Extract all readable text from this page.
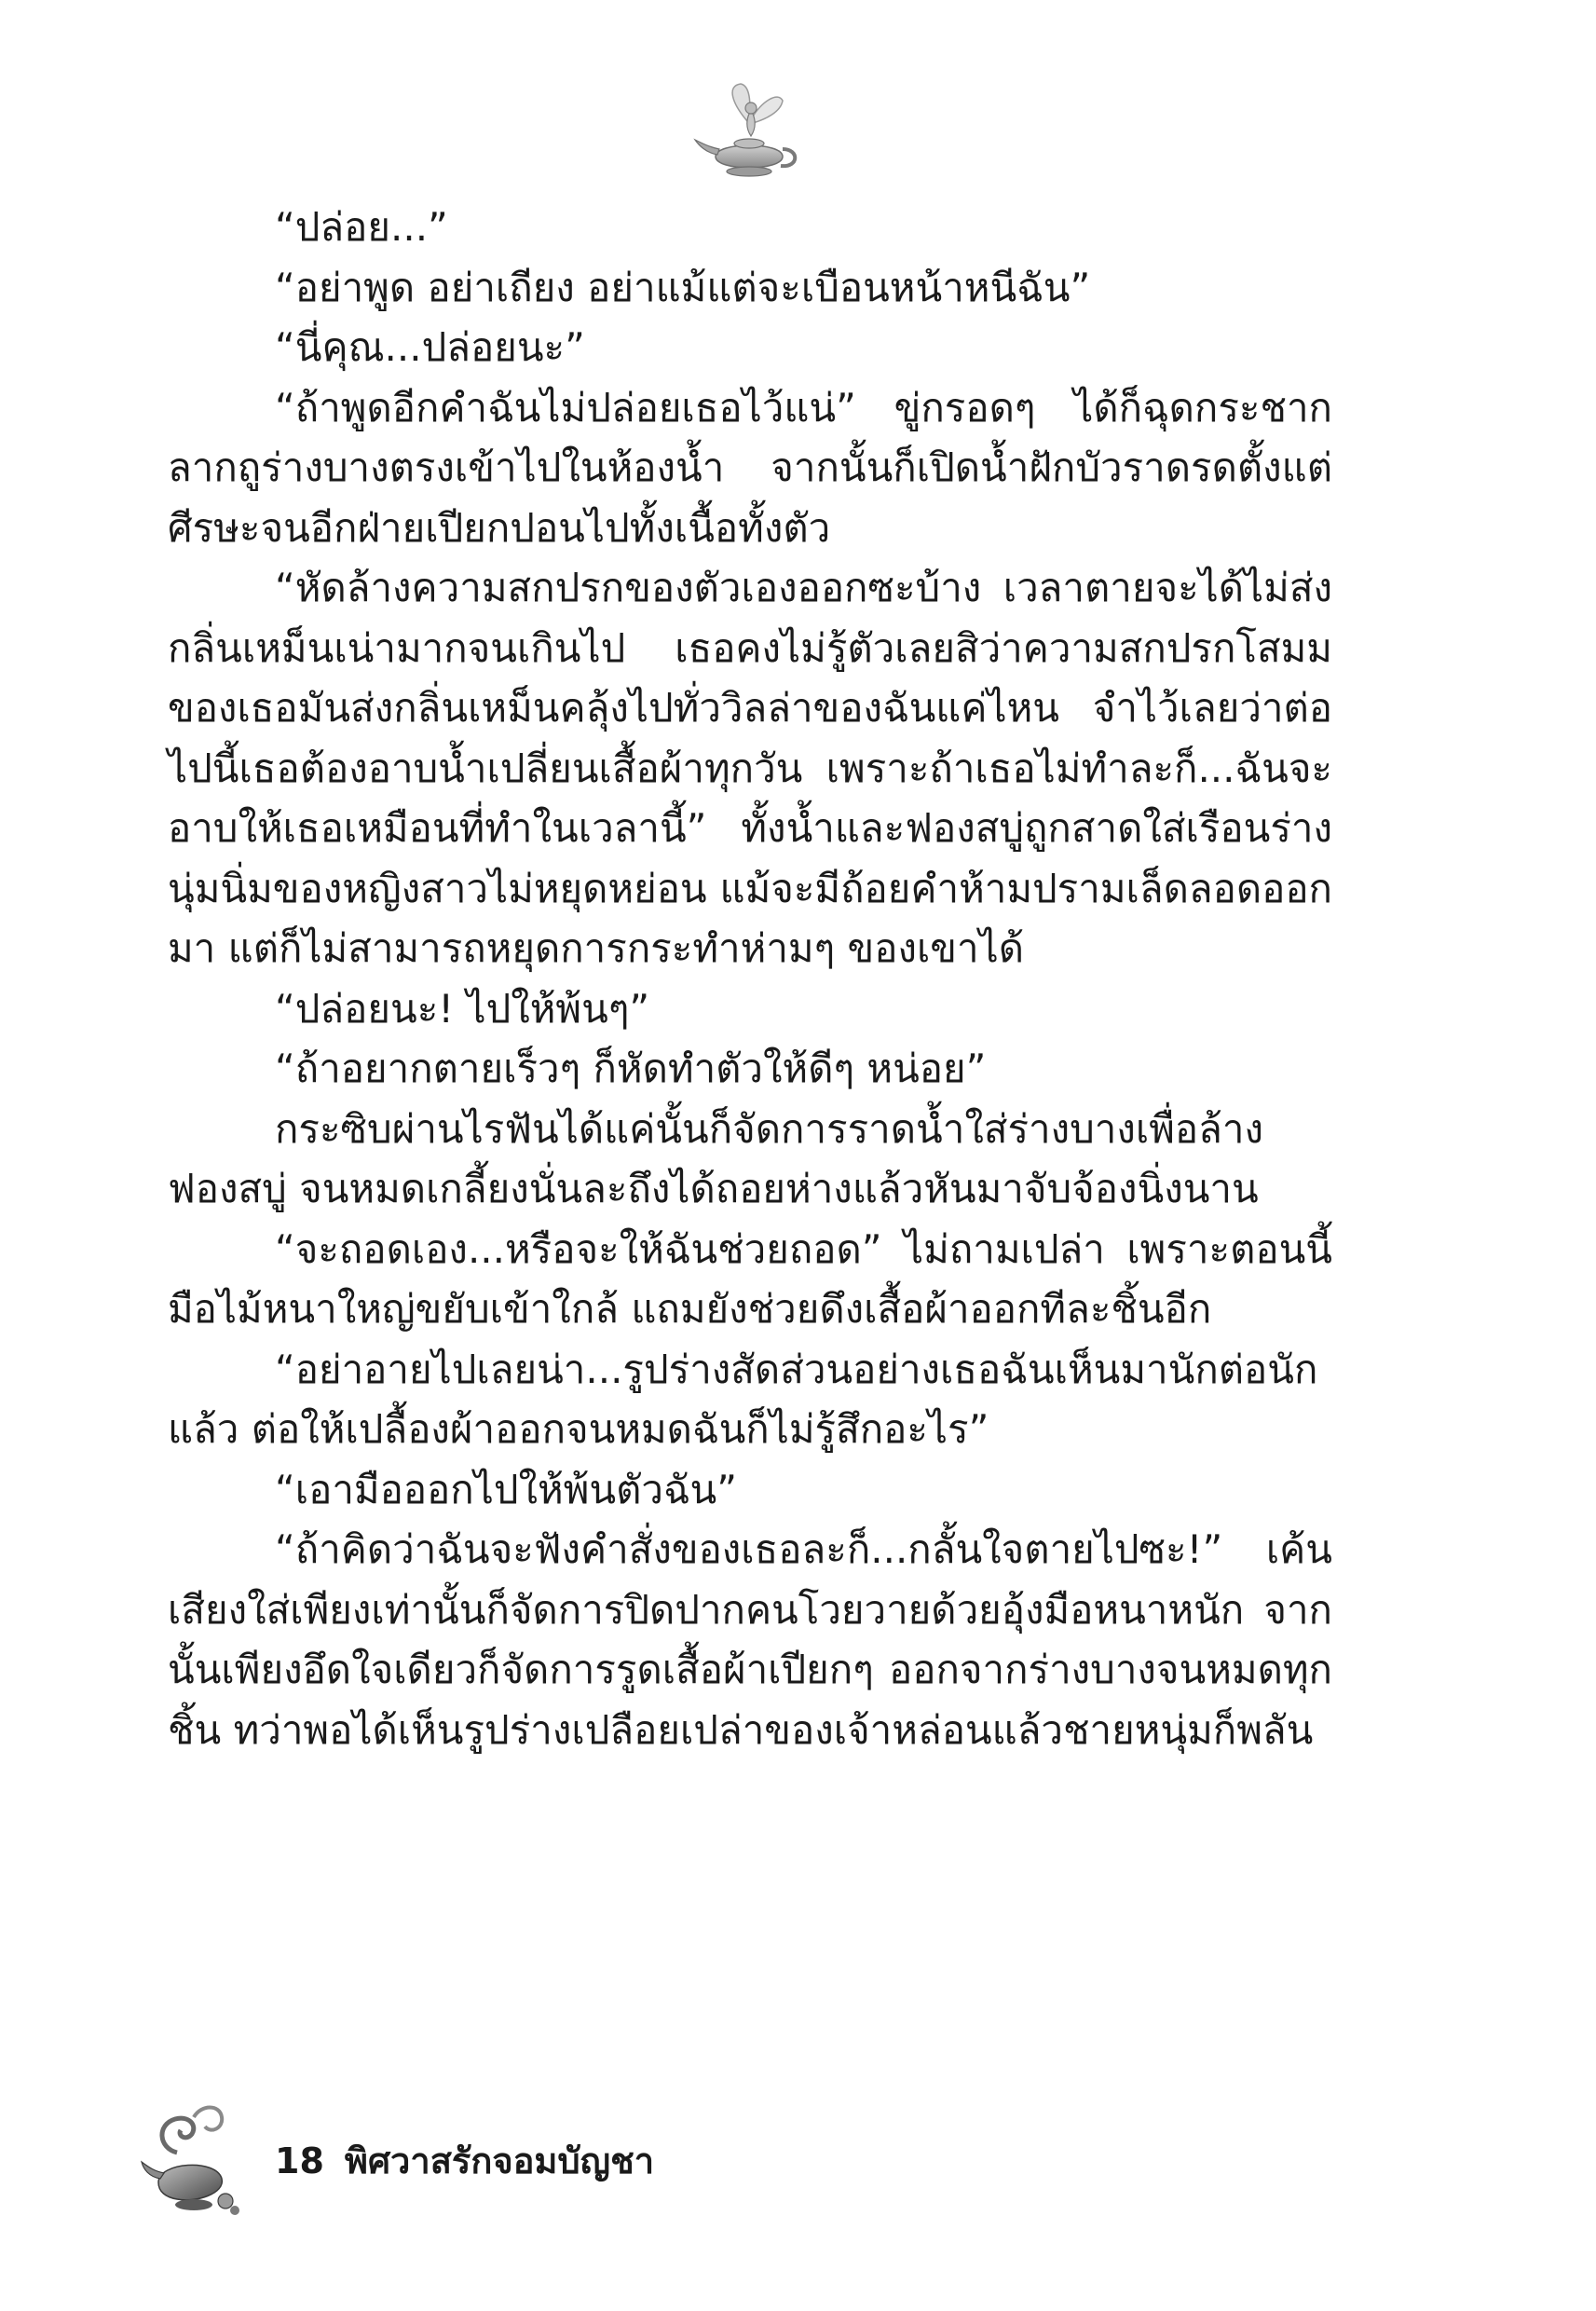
“ปล่อย...”

“อย่าพูด อย่าเถียง อย่าแม้แต่จะเบือนหน้าหนีฉัน”

“นี่คุณ...ปล่อยนะ”

“ถ้าพูดอีกคำฉันไม่ปล่อยเธอไว้แน่” ขู่กรอดๆ ได้ก็ฉุดกระชากลากถูร่างบางตรงเข้าไปในห้องน้ำ จากนั้นก็เปิดน้ำฝักบัวราดรดตั้งแต่ศีรษะจนอีกฝ่ายเปียกปอนไปทั้งเนื้อทั้งตัว

“หัดล้างความสกปรกของตัวเองออกซะบ้าง เวลาตายจะได้ไม่ส่งกลิ่นเหม็นเน่ามากจนเกินไป เธอคงไม่รู้ตัวเลยสิว่าความสกปรกโสมมของเธอมันส่งกลิ่นเหม็นคลุ้งไปทั่ววิลล่าของฉันแค่ไหน จำไว้เลยว่าต่อไปนี้เธอต้องอาบน้ำเปลี่ยนเสื้อผ้าทุกวัน เพราะถ้าเธอไม่ทำละก็...ฉันจะอาบให้เธอเหมือนที่ทำในเวลานี้” ทั้งน้ำและฟองสบู่ถูกสาดใส่เรือนร่างนุ่มนิ่มของหญิงสาวไม่หยุดหย่อน แม้จะมีถ้อยคำห้ามปรามเล็ดลอดออกมา แต่ก็ไม่สามารถหยุดการกระทำห่ามๆ ของเขาได้

“ปล่อยนะ! ไปให้พ้นๆ”

“ถ้าอยากตายเร็วๆ ก็หัดทำตัวให้ดีๆ หน่อย”

กระซิบผ่านไรฟันได้แค่นั้นก็จัดการราดน้ำใส่ร่างบางเพื่อล้างฟองสบู่ จนหมดเกลี้ยงนั่นละถึงได้ถอยห่างแล้วหันมาจับจ้องนิ่งนาน

“จะถอดเอง...หรือจะให้ฉันช่วยถอด” ไม่ถามเปล่า เพราะตอนนี้มือไม้หนาใหญ่ขยับเข้าใกล้ แถมยังช่วยดึงเสื้อผ้าออกทีละชิ้นอีก

“อย่าอายไปเลยน่า...รูปร่างสัดส่วนอย่างเธอฉันเห็นมานักต่อนักแล้ว ต่อให้เปลื้องผ้าออกจนหมดฉันก็ไม่รู้สึกอะไร”

“เอามือออกไปให้พ้นตัวฉัน”

“ถ้าคิดว่าฉันจะฟังคำสั่งของเธอละก็...กลั้นใจตายไปซะ!” เค้นเสียงใส่เพียงเท่านั้นก็จัดการปิดปากคนโวยวายด้วยอุ้งมือหนาหนัก จากนั้นเพียงอึดใจเดียวก็จัดการรูดเสื้อผ้าเปียกๆ ออกจากร่างบางจนหมดทุกชิ้น ทว่าพอได้เห็นรูปร่างเปลือยเปล่าของเจ้าหล่อนแล้วชายหนุ่มก็พลัน

18 พิศวาสรักจอมบัญชา
